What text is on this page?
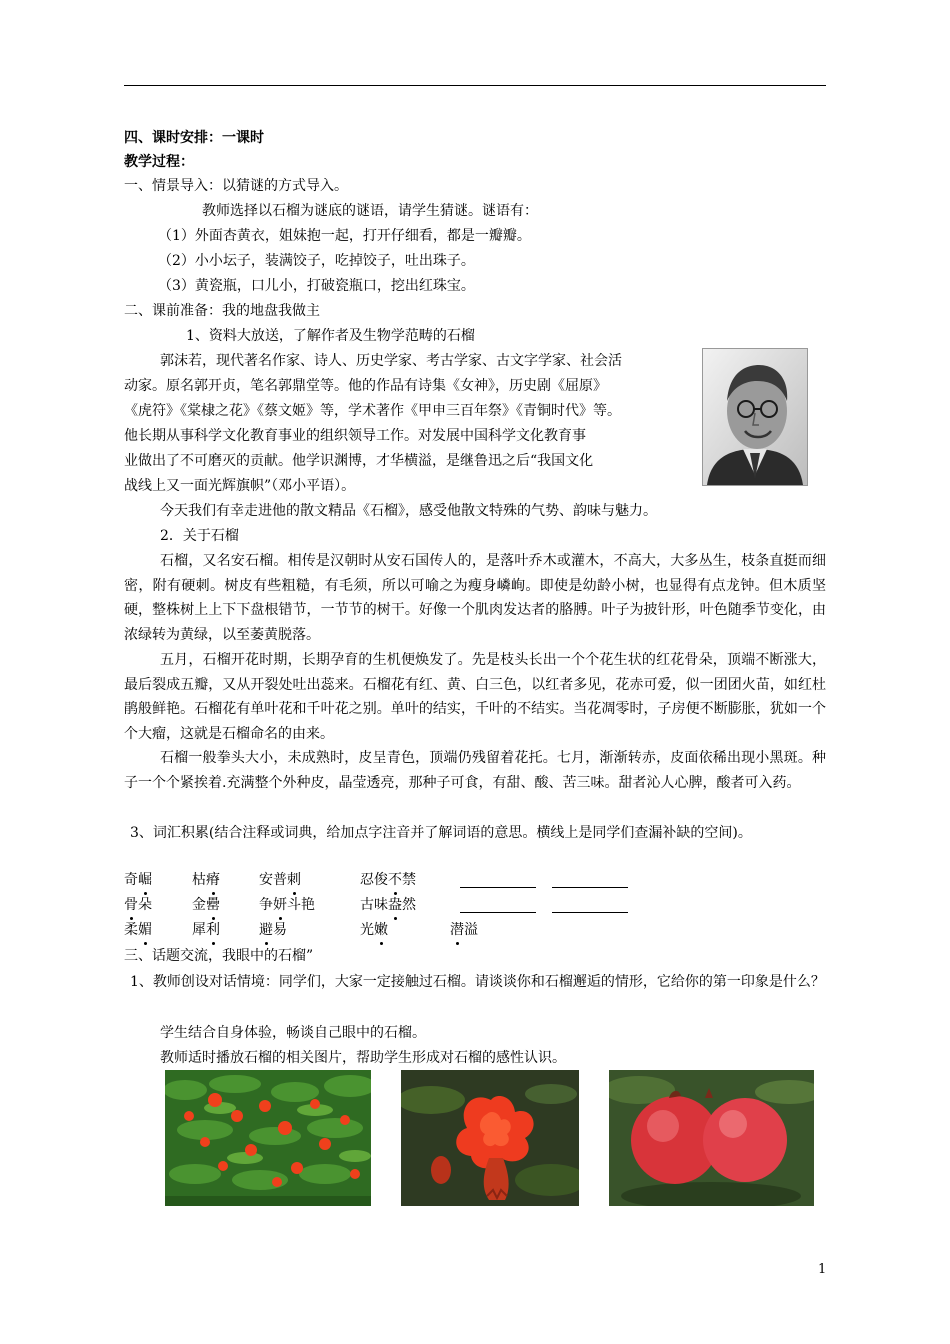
四、课时安排：一课时
教学过程：
一、情景导入：以猜谜的方式导入。
教师选择以石榴为谜底的谜语，请学生猜谜。谜语有：
（1）外面杏黄衣，姐妹抱一起，打开仔细看，都是一瓣瓣。
（2）小小坛子，装满饺子，吃掉饺子，吐出珠子。
（3）黄瓷瓶，口儿小，打破瓷瓶口，挖出红珠宝。
二、课前准备：我的地盘我做主
1、资料大放送，了解作者及生物学范畴的石榴
郭沫若，现代著名作家、诗人、历史学家、考古学家、古文字学家、社会活
动家。原名郭开贞，笔名郭鼎堂等。他的作品有诗集《女神》，历史剧《屈原》
《虎符》《棠棣之花》《蔡文姬》等，学术著作《甲申三百年祭》《青铜时代》等。
他长期从事科学文化教育事业的组织领导工作。对发展中国科学文化教育事
业做出了不可磨灭的贡献。他学识渊博，才华横溢，是继鲁迅之后“我国文化
战线上又一面光辉旗帜”（邓小平语）。
今天我们有幸走进他的散文精品《石榴》，感受他散文特殊的气势、韵味与魅力。
2．关于石榴
石榴，又名安石榴。相传是汉朝时从安石国传人的，是落叶乔木或灌木，不高大，大多丛生，枝条直挺而细密，附有硬刺。树皮有些粗糙，有毛须，所以可喻之为瘦身嶙峋。即使是幼龄小树，也显得有点龙钟。但木质坚硬，整株树上上下下盘根错节，一节节的树干。好像一个肌肉发达者的胳膊。叶子为披针形，叶色随季节变化，由浓绿转为黄绿，以至萎黄脱落。
五月，石榴开花时期，长期孕育的生机便焕发了。先是枝头长出一个个花生状的红花骨朵，顶端不断涨大，最后裂成五瓣，又从开裂处吐出蕊来。石榴花有红、黄、白三色，以红者多见，花赤可爱，似一团团火苗，如红杜鹃般鲜艳。石榴花有单叶花和千叶花之别。单叶的结实，千叶的不结实。当花凋零时，子房便不断膨胀，犹如一个个大瘤，这就是石榴命名的由来。
石榴一般拳头大小，未成熟时，皮呈青色，顶端仍残留着花托。七月，渐渐转赤，皮面依稀出现小黑斑。种子一个个紧挨着.充满整个外种皮，晶莹透亮，那种子可食，有甜、酸、苦三味。甜者沁人心脾，酸者可入药。
3、词汇积累(结合注释或词典，给加点字注音并了解词语的意思。横线上是同学们查漏补缺的空间)。
奇崛	枯瘠	安普刺	忍俊不禁
骨朵	金罍	争妍斗艳	古味盎然
柔媚	犀利	避易	光嫩	潜溢
三、话题交流，我眼中的石榴”
1、教师创设对话情境：同学们，大家一定接触过石榴。请谈谈你和石榴邂逅的情形，它给你的第一印象是什么？
学生结合自身体验，畅谈自己眼中的石榴。
教师适时播放石榴的相关图片，帮助学生形成对石榴的感性认识。
1
